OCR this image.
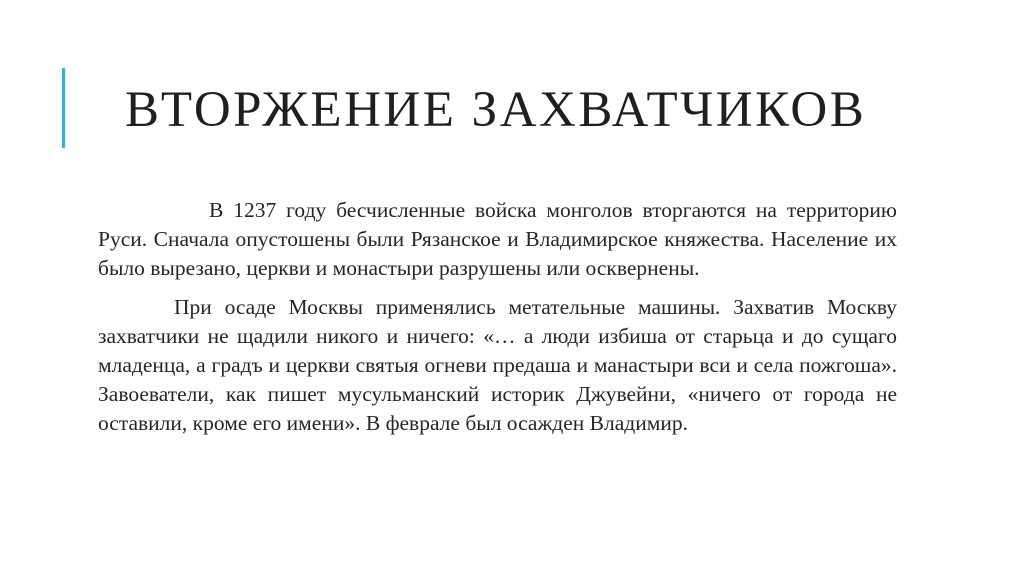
ВТОРЖЕНИЕ ЗАХВАТЧИКОВ

В 1237 году бесчисленные войска монголов вторгаются на территорию Руси. Сначала опустошены были Рязанское и Владимирское княжества. Население их было вырезано, церкви и монастыри разрушены или осквернены.

При осаде Москвы применялись метательные машины. Захватив Москву захватчики не щадили никого и ничего: «… а люди избиша от старьца и до сущаго младенца, а градъ и церкви святыя огневи предаша и манастыри вси и села пожгоша». Завоеватели, как пишет мусульманский историк Джувейни, «ничего от города не оставили, кроме его имени». В феврале был осажден Владимир.
